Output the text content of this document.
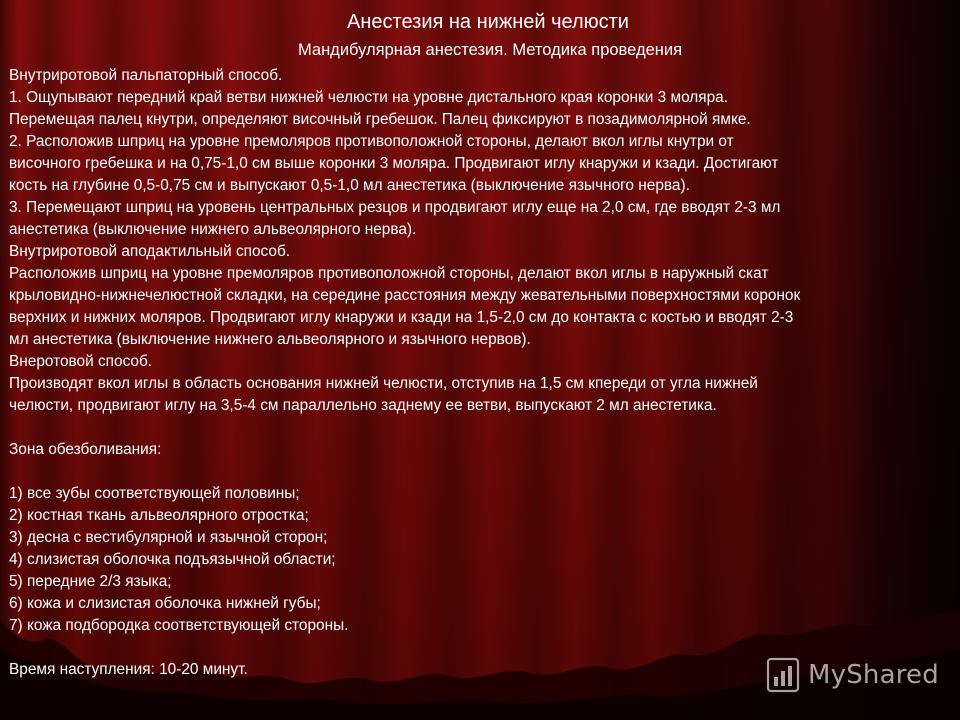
Анестезия на нижней челюсти
Мандибулярная анестезия. Методика проведения
Внутриротовой пальпаторный способ.
1. Ощупывают передний край ветви нижней челюсти на уровне дистального края коронки 3 моляра.
Перемещая палец кнутри, определяют височный гребешок. Палец фиксируют в позадимолярной ямке.
2. Расположив шприц на уровне премоляров противоположной стороны, делают вкол иглы кнутри от
височного гребешка и на 0,75-1,0 см выше коронки 3 моляра. Продвигают иглу кнаружи и кзади. Достигают
кость на глубине 0,5-0,75 см и выпускают 0,5-1,0 мл анестетика (выключение язычного нерва).
3. Перемещают шприц на уровень центральных резцов и продвигают иглу еще на 2,0 см, где вводят 2-3 мл
анестетика (выключение нижнего альвеолярного нерва).
Внутриротовой аподактильный способ.
Расположив шприц на уровне премоляров противоположной стороны, делают вкол иглы в наружный скат
крыловидно-нижнечелюстной складки, на середине расстояния между жевательными поверхностями коронок
верхних и нижних моляров. Продвигают иглу кнаружи и кзади на 1,5-2,0 см до контакта с костью и вводят 2-3
мл анестетика (выключение нижнего альвеолярного и язычного нервов).
Внеротовой способ.
Производят вкол иглы в область основания нижней челюсти, отступив на 1,5 см кпереди от угла нижней
челюсти, продвигают иглу на 3,5-4 см параллельно заднему ее ветви, выпускают 2 мл анестетика.
Зона обезболивания:
1) все зубы соответствующей половины;
2) костная ткань альвеолярного отростка;
3) десна с вестибулярной и язычной сторон;
4) слизистая оболочка подъязычной области;
5) передние 2/3 языка;
6) кожа и слизистая оболочка нижней губы;
7) кожа подбородка соответствующей стороны.
Время наступления: 10-20 минут.	MyShared
